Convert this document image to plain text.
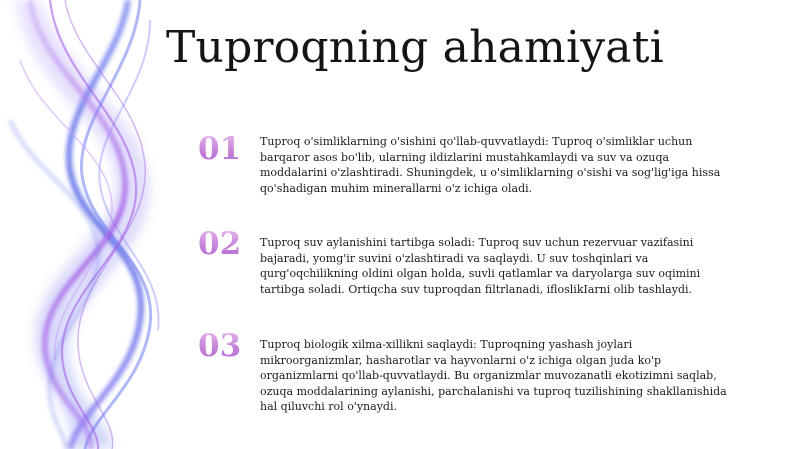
Tuproqning ahamiyati
01	Tuproq o'simliklarning o'sishini qo'llab-quvvatlaydi: Tuproq o'simliklar uchun barqaror asos bo'lib, ularning ildizlarini mustahkamlaydi va suv va ozuqa moddalarini o'zlashtiradi. Shuningdek, u o'simliklarning o'sishi va sog'lig'iga hissa qo'shadigan muhim minerallarni o'z ichiga oladi.
02	Tuproq suv aylanishini tartibga soladi: Tuproq suv uchun rezervuar vazifasini bajaradi, yomg'ir suvini o'zlashtiradi va saqlaydi. U suv toshqinlari va qurg'oqchilikning oldini olgan holda, suvli qatlamlar va daryolarga suv oqimini tartibga soladi. Ortiqcha suv tuproqdan filtrlanadi, ifloslikIarni olib tashlaydi.
03	Tuproq biologik xilma-xillikni saqlaydi: Tuproqning yashash joylari mikroorganizmlar, hasharotlar va hayvonlarni o'z ichiga olgan juda ko'p organizmlarni qo'llab-quvvatlaydi. Bu organizmlar muvozanatli ekotizimni saqlab, ozuqa moddalarining aylanishi, parchalanishi va tuproq tuzilishining shakllanishida hal qiluvchi rol o'ynaydi.
